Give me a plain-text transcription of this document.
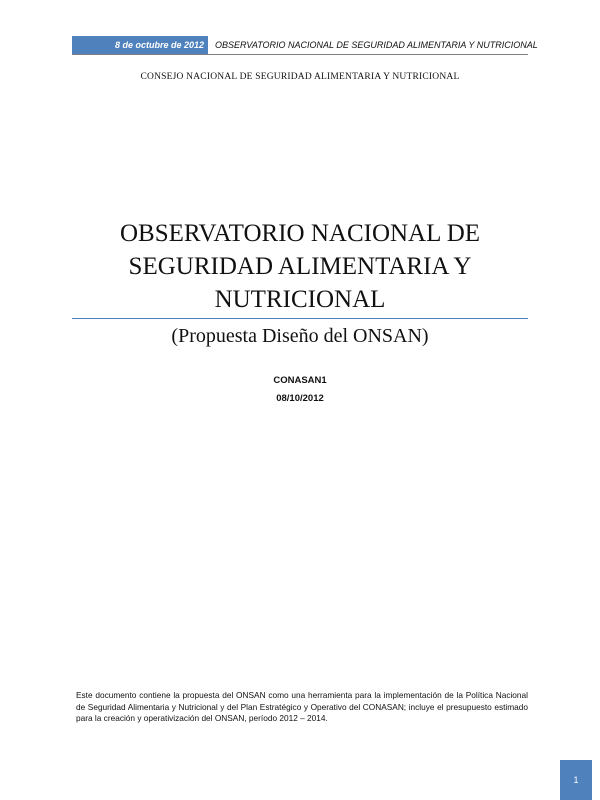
8 de octubre de 2012	OBSERVATORIO NACIONAL DE SEGURIDAD ALIMENTARIA Y NUTRICIONAL
CONSEJO NACIONAL DE SEGURIDAD ALIMENTARIA Y NUTRICIONAL
OBSERVATORIO NACIONAL DE
SEGURIDAD ALIMENTARIA Y
NUTRICIONAL
(Propuesta Diseño del ONSAN)
CONASAN1
08/10/2012
Este documento contiene la propuesta del ONSAN como una herramienta para la implementación de la Política Nacional de Seguridad Alimentaria y Nutricional y del Plan Estratégico y Operativo del CONASAN; incluye el presupuesto estimado para la creación y operativización del ONSAN, período 2012 – 2014.
1
